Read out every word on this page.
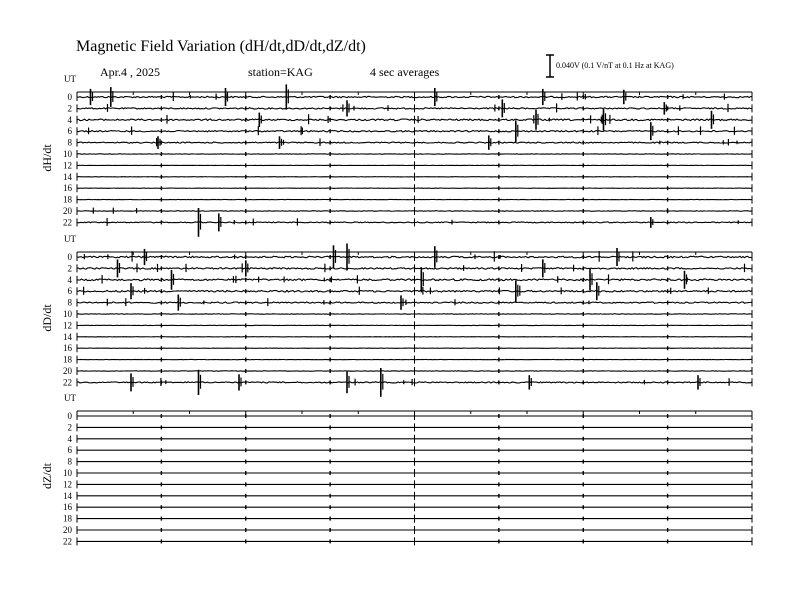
Magnetic Field Variation (dH/dt,dD/dt,dZ/dt)
Apr.4 , 2025	station=KAG	4 sec averages	0.040V (0.1 V/nT at 0.1 Hz at KAG)
UT
dH/dt
0
2
4
6
8
10
12
14
16
18
20
22
UT
dD/dt
0
2
4
6
8
10
12
14
16
18
20
22
UT
dZ/dt
0
2
4
6
8
10
12
14
16
18
20
22
